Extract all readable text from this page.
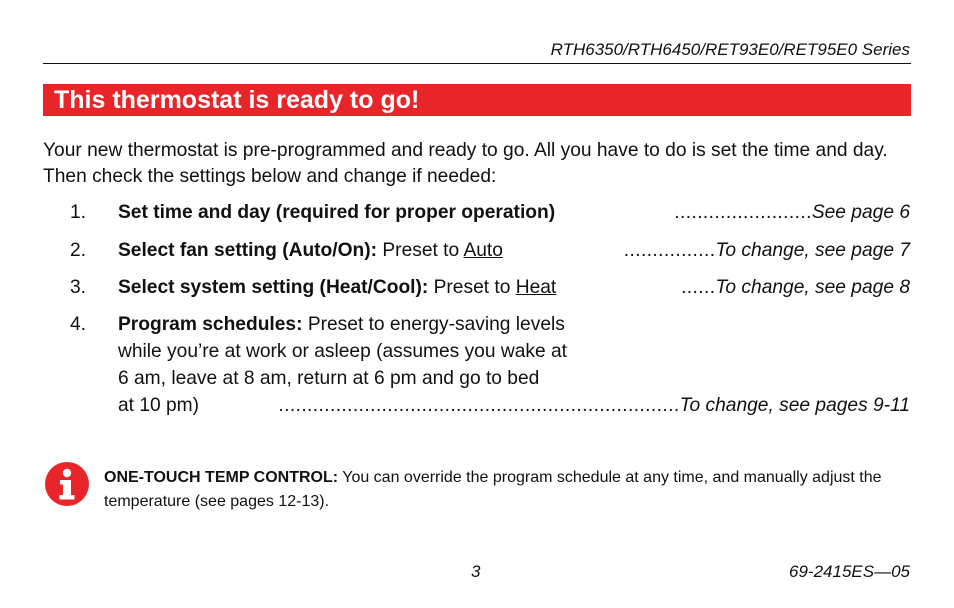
RTH6350/RTH6450/RET93E0/RET95E0 Series
This thermostat is ready to go!
Your new thermostat is pre-programmed and ready to go. All you have to do is set the time and day. Then check the settings below and change if needed:
1. Set time and day (required for proper operation)	........................See page 6
2. Select fan setting (Auto/On): Preset to Auto	................To change, see page 7
3. Select system setting (Heat/Cool): Preset to Heat	......To change, see page 8
4. Program schedules: Preset to energy-saving levels
while you’re at work or asleep (assumes you wake at
6 am, leave at 8 am, return at 6 pm and go to bed
at 10 pm)	......................................................................To change, see pages 9-11
ONE-TOUCH TEMP CONTROL: You can override the program schedule at any time, and manually adjust the temperature (see pages 12-13).
3	69-2415ES—05
